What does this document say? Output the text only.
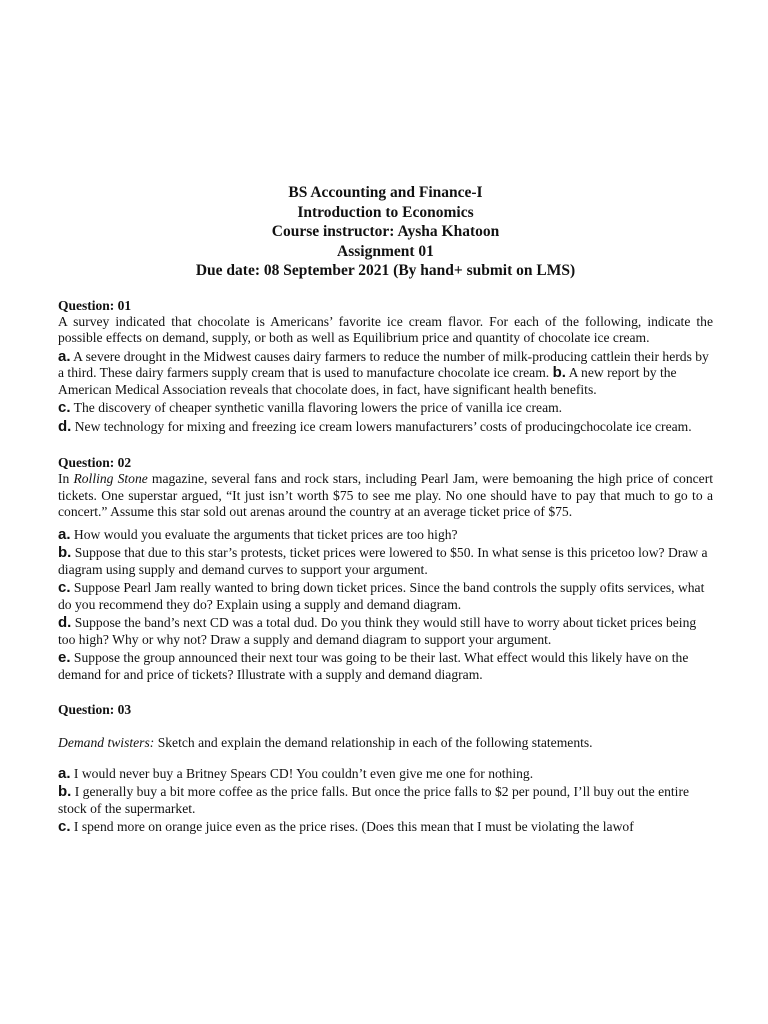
BS Accounting and Finance-I
Introduction to Economics
Course instructor: Aysha Khatoon
Assignment 01
Due date: 08 September 2021 (By hand+ submit on LMS)
Question: 01

A survey indicated that chocolate is Americans’ favorite ice cream flavor. For each of the following, indicate the possible effects on demand, supply, or both as well as Equilibrium price and quantity of chocolate ice cream.

a. A severe drought in the Midwest causes dairy farmers to reduce the number of milk-producing cattlein their herds by a third. These dairy farmers supply cream that is used to manufacture chocolate ice cream. b. A new report by the American Medical Association reveals that chocolate does, in fact, have significant health benefits.

c. The discovery of cheaper synthetic vanilla flavoring lowers the price of vanilla ice cream.

d. New technology for mixing and freezing ice cream lowers manufacturers’ costs of producingchocolate ice cream.

Question: 02

In Rolling Stone magazine, several fans and rock stars, including Pearl Jam, were bemoaning the high price of concert tickets. One superstar argued, “It just isn’t worth $75 to see me play. No one should have to pay that much to go to a concert.” Assume this star sold out arenas around the country at an average ticket price of $75.

a. How would you evaluate the arguments that ticket prices are too high?

b. Suppose that due to this star’s protests, ticket prices were lowered to $50. In what sense is this pricetoo low? Draw a diagram using supply and demand curves to support your argument.

c. Suppose Pearl Jam really wanted to bring down ticket prices. Since the band controls the supply ofits services, what do you recommend they do? Explain using a supply and demand diagram.

d. Suppose the band’s next CD was a total dud. Do you think they would still have to worry about ticket prices being too high? Why or why not? Draw a supply and demand diagram to support your argument.

e. Suppose the group announced their next tour was going to be their last. What effect would this likely have on the demand for and price of tickets? Illustrate with a supply and demand diagram.

Question: 03

Demand twisters: Sketch and explain the demand relationship in each of the following statements.

a. I would never buy a Britney Spears CD! You couldn’t even give me one for nothing.

b. I generally buy a bit more coffee as the price falls. But once the price falls to $2 per pound, I’ll buy out the entire stock of the supermarket.

c. I spend more on orange juice even as the price rises. (Does this mean that I must be violating the lawof
